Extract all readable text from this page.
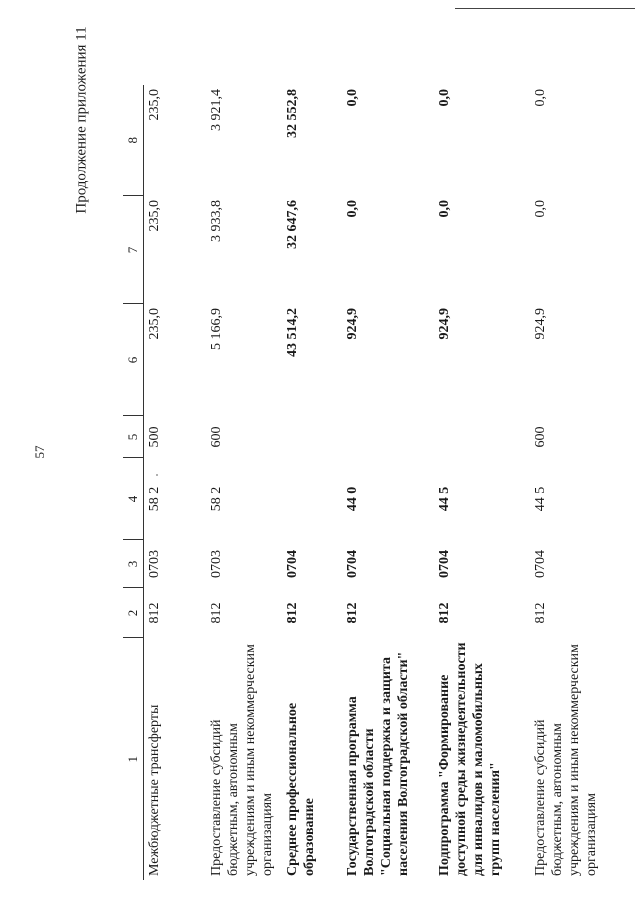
57
Продолжение приложения 11
1	2	3	4	5	6	7	8
Межбюджетные трансферты	812	0703	58 2	500	235,0	235,0	235,0
Предоставление субсидий бюджетным, автономным учреждениям и иным некоммерческим организациям	812	0703	58 2	600	5 166,9	3 933,8	3 921,4
Среднее профессиональное образование	812	0704			43 514,2	32 647,6	32 552,8
Государственная программа Волгоградской области "Социальная поддержка и защита населения Волгоградской области"	812	0704	44 0		924,9	0,0	0,0
Подпрограмма "Формирование доступной среды жизнедеятельности для инвалидов и маломобильных групп населения"	812	0704	44 5		924,9	0,0	0,0
Предоставление субсидий бюджетным, автономным учреждениям и иным некоммерческим организациям	812	0704	44 5	600	924,9	0,0	0,0
